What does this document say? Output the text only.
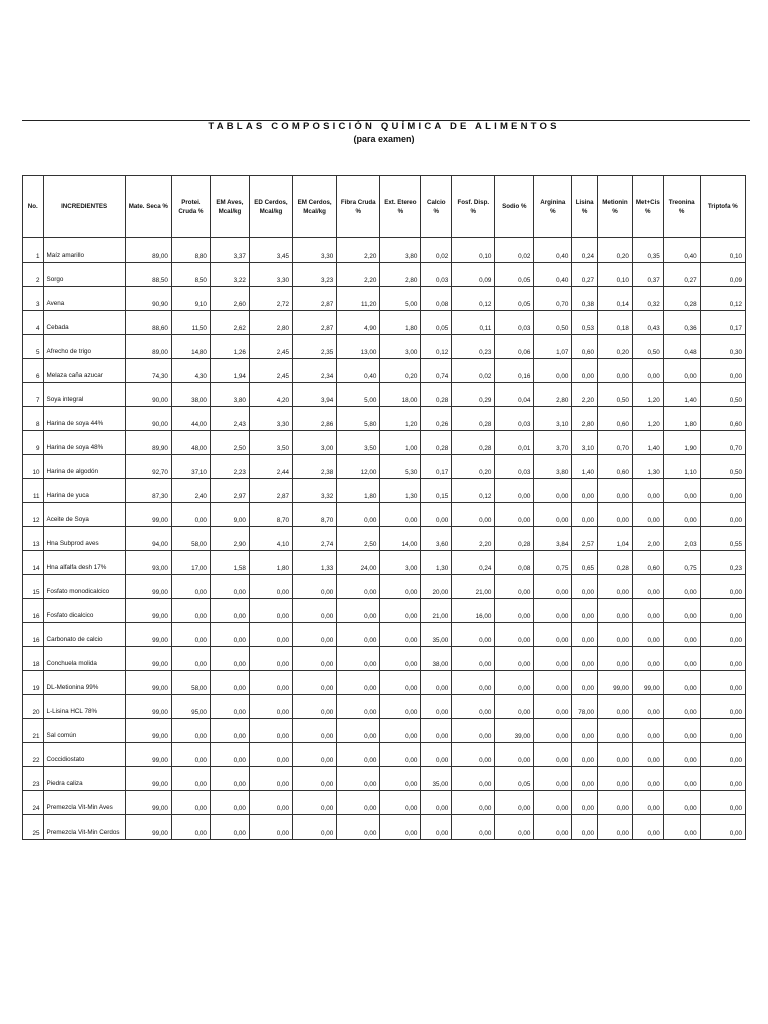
TABLAS COMPOSICIÓN QUÍMICA DE ALIMENTOS
(para examen)
No.	INCREDIENTES	Mate. Seca %	Protei. Cruda %	EM Aves, Mcal/kg	ED Cerdos, Mcal/kg	EM Cerdos, Mcal/kg	Fibra Cruda %	Ext. Etereo %	Calcio %	Fosf. Disp. %	Sodio %	Arginina %	Lisina %	Metionin %	Met+Cis %	Treonina %	Triptofa %
1	Maíz amarillo	89,00	8,80	3,37	3,45	3,30	2,20	3,80	0,02	0,10	0,02	0,40	0,24	0,20	0,35	0,40	0,10
2	Sorgo	88,50	8,50	3,22	3,30	3,23	2,20	2,80	0,03	0,09	0,05	0,40	0,27	0,10	0,37	0,27	0,09
3	Avena	90,90	9,10	2,60	2,72	2,87	11,20	5,00	0,08	0,12	0,05	0,70	0,38	0,14	0,32	0,28	0,12
4	Cebada	88,60	11,50	2,62	2,80	2,87	4,90	1,80	0,05	0,11	0,03	0,50	0,53	0,18	0,43	0,36	0,17
5	Afrecho de trigo	89,00	14,80	1,26	2,45	2,35	13,00	3,00	0,12	0,23	0,06	1,07	0,60	0,20	0,50	0,48	0,30
6	Melaza caña azucar	74,30	4,30	1,94	2,45	2,34	0,40	0,20	0,74	0,02	0,16	0,00	0,00	0,00	0,00	0,00	0,00
7	Soya integral	90,00	38,00	3,80	4,20	3,94	5,00	18,00	0,28	0,29	0,04	2,80	2,20	0,50	1,20	1,40	0,50
8	Harina de soya 44%	90,00	44,00	2,43	3,30	2,86	5,80	1,20	0,26	0,28	0,03	3,10	2,80	0,60	1,20	1,80	0,60
9	Harina de soya 48%	89,90	48,00	2,50	3,50	3,00	3,50	1,00	0,28	0,28	0,01	3,70	3,10	0,70	1,40	1,90	0,70
10	Harina de algodón	92,70	37,10	2,23	2,44	2,38	12,00	5,30	0,17	0,20	0,03	3,80	1,40	0,60	1,30	1,10	0,50
11	Harina de yuca	87,30	2,40	2,97	2,87	3,32	1,80	1,30	0,15	0,12	0,00	0,00	0,00	0,00	0,00	0,00	0,00
12	Aceite de Soya	99,00	0,00	9,00	8,70	8,70	0,00	0,00	0,00	0,00	0,00	0,00	0,00	0,00	0,00	0,00	0,00
13	Hna Subprod aves	94,00	58,00	2,90	4,10	2,74	2,50	14,00	3,60	2,20	0,28	3,84	2,57	1,04	2,00	2,03	0,55
14	Hna alfalfa desh 17%	93,00	17,00	1,58	1,80	1,33	24,00	3,00	1,30	0,24	0,08	0,75	0,65	0,28	0,60	0,75	0,23
15	Fosfato monodicalcico	99,00	0,00	0,00	0,00	0,00	0,00	0,00	20,00	21,00	0,00	0,00	0,00	0,00	0,00	0,00	0,00
16	Fosfato dicalcico	99,00	0,00	0,00	0,00	0,00	0,00	0,00	21,00	16,00	0,00	0,00	0,00	0,00	0,00	0,00	0,00
16	Carbonato de calcio	99,00	0,00	0,00	0,00	0,00	0,00	0,00	35,00	0,00	0,00	0,00	0,00	0,00	0,00	0,00	0,00
18	Conchuela molida	99,00	0,00	0,00	0,00	0,00	0,00	0,00	38,00	0,00	0,00	0,00	0,00	0,00	0,00	0,00	0,00
19	DL-Metionina 99%	99,00	58,00	0,00	0,00	0,00	0,00	0,00	0,00	0,00	0,00	0,00	0,00	99,00	99,00	0,00	0,00
20	L-Lisina HCL 78%	99,00	95,00	0,00	0,00	0,00	0,00	0,00	0,00	0,00	0,00	0,00	78,00	0,00	0,00	0,00	0,00
21	Sal común	99,00	0,00	0,00	0,00	0,00	0,00	0,00	0,00	0,00	39,00	0,00	0,00	0,00	0,00	0,00	0,00
22	Coccidiostato	99,00	0,00	0,00	0,00	0,00	0,00	0,00	0,00	0,00	0,00	0,00	0,00	0,00	0,00	0,00	0,00
23	Piedra caliza	99,00	0,00	0,00	0,00	0,00	0,00	0,00	35,00	0,00	0,05	0,00	0,00	0,00	0,00	0,00	0,00
24	Premezcla Vit-Min Aves	99,00	0,00	0,00	0,00	0,00	0,00	0,00	0,00	0,00	0,00	0,00	0,00	0,00	0,00	0,00	0,00
25	Premezcla Vit-Min Cerdos	99,00	0,00	0,00	0,00	0,00	0,00	0,00	0,00	0,00	0,00	0,00	0,00	0,00	0,00	0,00	0,00
